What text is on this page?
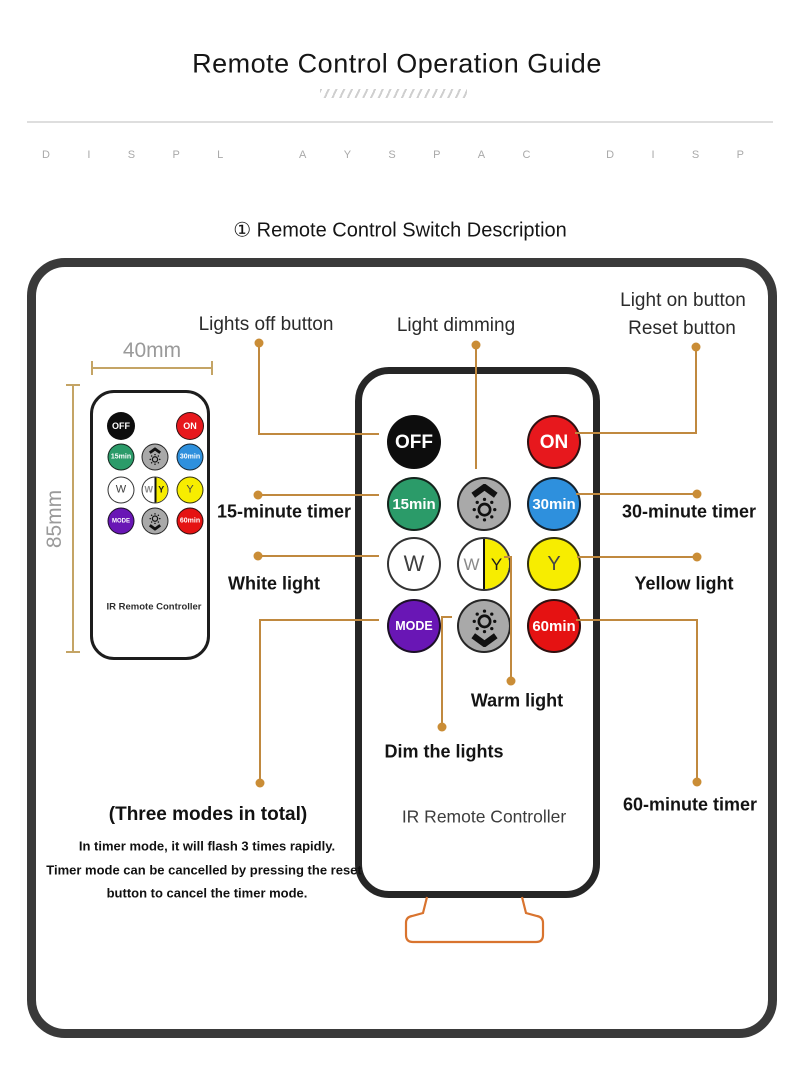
Remote Control Operation Guide
D	I	S	P	L	A	Y	S	P	A	C	D	I	S	P
① Remote Control Switch Description
40mm
85mm
OFF	ON
15min	30min
W W Y Y
MODE	60min
IR Remote Controller
OFF	ON
15min	30min
W W Y Y
MODE	60min
IR Remote Controller
Lights off button	Light dimming
Light on button
Reset button
15-minute timer
White light
30-minute timer
Yellow light
Warm light
Dim the lights
60-minute timer
(Three modes in total)
In timer mode, it will flash 3 times rapidly.
Timer mode can be cancelled by pressing the reset
button to cancel the timer mode.
